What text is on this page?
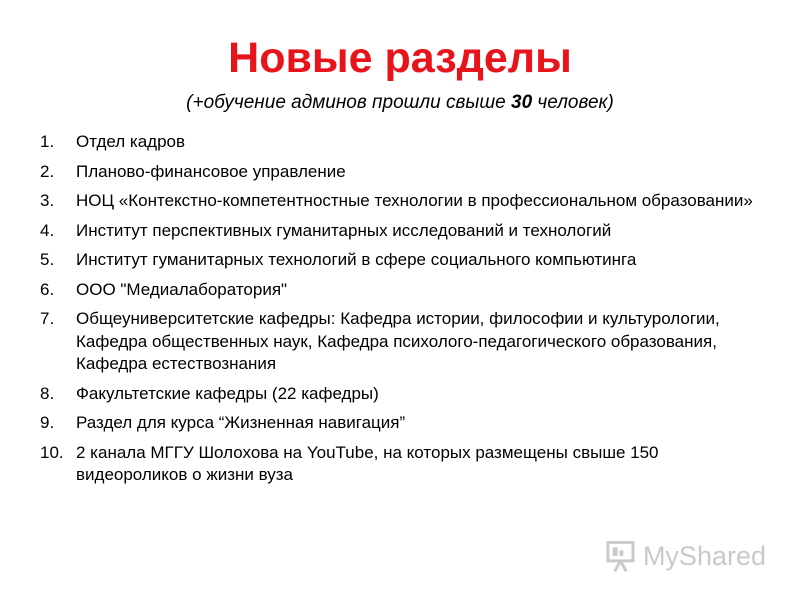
Новые разделы

(+обучение админов прошли свыше 30 человек)

1.	Отдел кадров
2.	Планово-финансовое управление
3.	НОЦ «Контекстно-компетентностные технологии в профессиональном образовании»
4.	Институт перспективных гуманитарных исследований и технологий
5.	Институт гуманитарных технологий в сфере социального компьютинга
6.	ООО "Медиалаборатория"
7.	Общеуниверситетские кафедры: Кафедра истории, философии и культурологии, Кафедра общественных наук, Кафедра психолого-педагогического образования, Кафедра естествознания
8.	Факультетские кафедры (22 кафедры)
9.	Раздел для курса “Жизненная навигация”
10. 2 канала МГГУ Шолохова на YouTube, на которых размещены свыше 150 видеороликов о жизни вуза
MyShared
